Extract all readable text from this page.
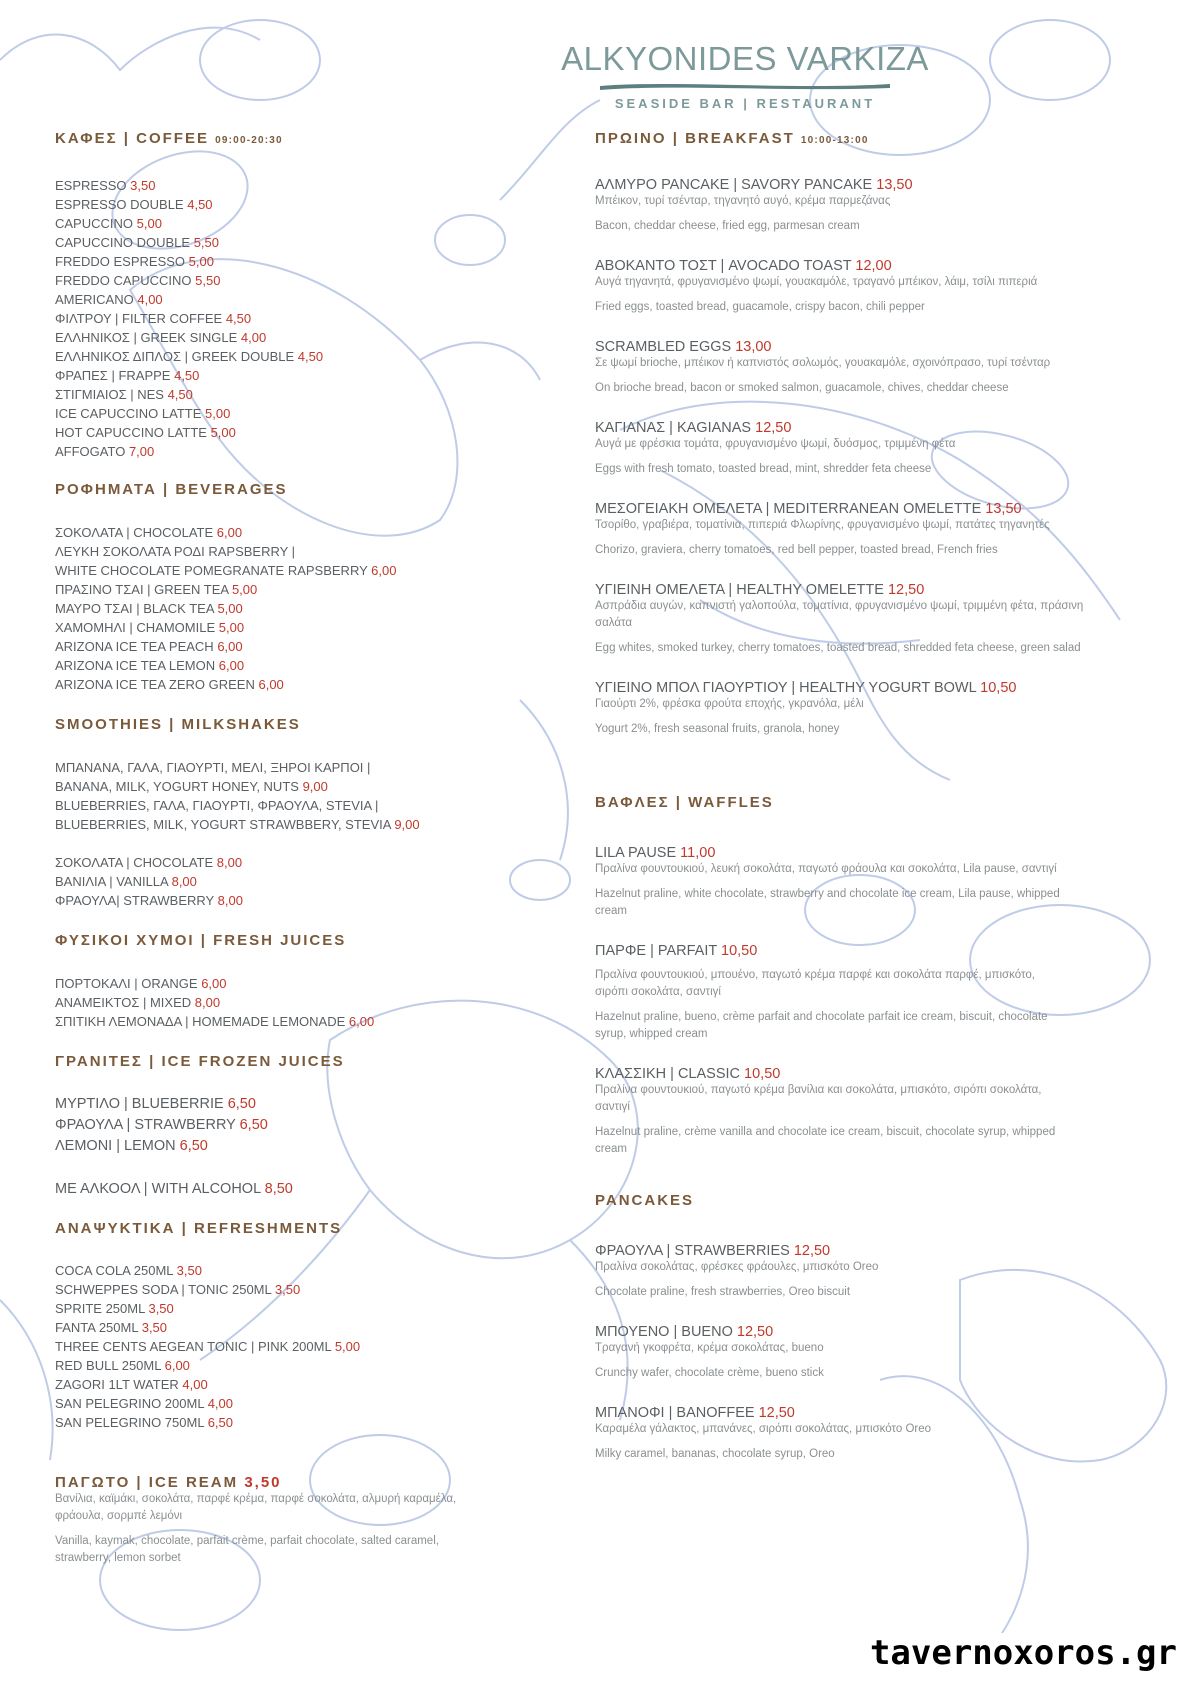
ALKYONIDES VARKIZA
SEASIDE BAR | RESTAURANT
ΚΑΦΕΣ | COFFEE 09:00-20:30
ESPRESSO 3,50
ESPRESSO DOUBLE 4,50
CAPUCCINO 5,00
CAPUCCINO DOUBLE 5,50
FREDDO ESPRESSO 5,00
FREDDO CAPUCCINO 5,50
AMERICANO 4,00
ΦΙΛΤΡΟΥ | FILTER COFFEE 4,50
ΕΛΛΗΝΙΚΟΣ | GREEK SINGLE 4,00
ΕΛΛΗΝΙΚΟΣ ΔΙΠΛΟΣ | GREEK DOUBLE 4,50
ΦΡΑΠΕΣ | FRAPPE 4,50
ΣΤΙΓΜΙΑΙΟΣ | NES 4,50
ICE CAPUCCINO LATTE 5,00
HOT CAPUCCINO LATTE 5,00
AFFOGATO 7,00
ΡΟΦΗΜΑΤΑ | BEVERAGES
ΣΟΚΟΛΑΤΑ | CHOCOLATE 6,00
ΛΕΥΚΗ ΣΟΚΟΛΑΤΑ ΡΟΔΙ RAPSBERRY |
WHITE CHOCOLATE POMEGRANATE RAPSBERRY 6,00
ΠΡΑΣΙΝΟ ΤΣΑΙ | GREEN TEA 5,00
ΜΑΥΡΟ ΤΣΑΙ | BLACK TEA 5,00
ΧΑΜΟΜΗΛΙ | CHAMOMILE 5,00
ARIZONA ICE TEA PEACH 6,00
ARIZONA ICE TEA LEMON 6,00
ARIZONA ICE TEA ZERO GREEN 6,00
SMOOTHIES | MILKSHAKES
ΜΠΑΝΑΝΑ, ΓΑΛΑ, ΓΙΑΟΥΡΤΙ, ΜΕΛΙ, ΞΗΡΟΙ ΚΑΡΠΟΙ |
BANANA, MILK, YOGURT HONEY, NUTS 9,00
BLUEBERRIES, ΓΑΛΑ, ΓΙΑΟΥΡΤΙ, ΦΡΑΟΥΛΑ, STEVIA |
BLUEBERRIES, MILK, YOGURT STRAWBBERY, STEVIA 9,00
ΣΟΚΟΛΑΤΑ | CHOCOLATE 8,00
ΒΑΝΙΛΙΑ | VANILLA 8,00
ΦΡΑΟΥΛΑ| STRAWBERRY 8,00
ΦΥΣΙΚΟΙ ΧΥΜΟΙ | FRESH JUICES
ΠΟΡΤΟΚΑΛΙ | ORANGE 6,00
ΑΝΑΜΕΙΚΤΟΣ | MIXED 8,00
ΣΠΙΤΙΚΗ ΛΕΜΟΝΑΔΑ | HOMEMADE LEMONADE 6,00
ΓΡΑΝΙΤΕΣ | ICE FROZEN JUICES
ΜΥΡΤΙΛΟ | BLUEBERRIE 6,50
ΦΡΑΟΥΛΑ | STRAWBERRY 6,50
ΛΕΜΟΝΙ | LEMON 6,50
ΜΕ ΑΛΚΟΟΛ | WITH ALCOHOL 8,50
ΑΝΑΨΥΚΤΙΚΑ | REFRESHMENTS
COCA COLA 250ML 3,50
SCHWEPPES SODA | TONIC 250ML 3,50
SPRITE 250ML 3,50
FANTA 250ML 3,50
THREE CENTS AEGEAN TONIC | PINK 200ML 5,00
RED BULL 250ML 6,00
ZAGORI 1LT WATER 4,00
SAN PELEGRINO 200ML 4,00
SAN PELEGRINO 750ML 6,50
ΠΑΓΩΤΟ | ICE REAM 3,50
Βανίλια, καϊμάκι, σοκολάτα, παρφέ κρέμα, παρφέ σοκολάτα, αλμυρή καραμέλα, φράουλα, σορμπέ λεμόνι
Vanilla, kaymak, chocolate, parfait crème, parfait chocolate, salted caramel, strawberry, lemon sorbet
ΠΡΩΙΝΟ | BREAKFAST 10:00-13:00
ΑΛΜΥΡΟ PANCAKE | SAVORY PANCAKE 13,50
Μπέικον, τυρί τσένταρ, τηγανητό αυγό, κρέμα παρμεζάνας
Bacon, cheddar cheese, fried egg, parmesan cream
ΑΒΟΚΑΝΤΟ ΤΟΣΤ | AVOCADO TOAST 12,00
Αυγά τηγανητά, φρυγανισμένο ψωμί, γουακαμόλε, τραγανό μπέικον, λάιμ, τσίλι πιπεριά
Fried eggs, toasted bread, guacamole, crispy bacon, chili pepper
SCRAMBLED EGGS 13,00
Σε ψωμί brioche, μπέικον ή καπνιστός σολωμός, γουακαμόλε, σχοινόπρασο, τυρί τσένταρ
On brioche bread, bacon or smoked salmon, guacamole, chives, cheddar cheese
ΚΑΓΙΑΝΑΣ | KAGIANAS 12,50
Αυγά με φρέσκια τομάτα, φρυγανισμένο ψωμί, δυόσμος, τριμμένη φέτα
Eggs with fresh tomato, toasted bread, mint, shredder feta cheese
ΜΕΣΟΓΕΙΑΚΗ ΟΜΕΛΕΤΑ | MEDITERRANEAN OMELETTE 13,50
Τσορίθο, γραβιέρα, τοματίνια, πιπεριά Φλωρίνης, φρυγανισμένο ψωμί, πατάτες τηγανητές
Chorizo, graviera, cherry tomatoes, red bell pepper, toasted bread, French fries
ΥΓΙΕΙΝΗ ΟΜΕΛΕΤΑ | HEALTHY OMELETTE 12,50
Ασπράδια αυγών, καπνιστή γαλοπούλα, τοματίνια, φρυγανισμένο ψωμί, τριμμένη φέτα, πράσινη σαλάτα
Egg whites, smoked turkey, cherry tomatoes, toasted bread, shredded feta cheese, green salad
ΥΓΙΕΙΝΟ ΜΠΟΛ ΓΙΑΟΥΡΤΙΟΥ | HEALTHY YOGURT BOWL 10,50
Γιαούρτι 2%, φρέσκα φρούτα εποχής, γκρανόλα, μέλι
Yogurt 2%, fresh seasonal fruits, granola, honey
ΒΑΦΛΕΣ | WAFFLES
LILA PAUSE 11,00
Πραλίνα φουντουκιού, λευκή σοκολάτα, παγωτό φράουλα και σοκολάτα, Lila pause, σαντιγί
Hazelnut praline, white chocolate, strawberry and chocolate ice cream, Lila pause, whipped cream
ΠΑΡΦΕ | PARFAIT 10,50
Πραλίνα φουντουκιού, μπουένο, παγωτό κρέμα παρφέ και σοκολάτα παρφέ, μπισκότο, σιρόπι σοκολάτα, σαντιγί
Hazelnut praline, bueno, crème parfait and chocolate parfait ice cream, biscuit, chocolate syrup, whipped cream
ΚΛΑΣΣΙΚΗ | CLASSIC 10,50
Πραλίνα φουντουκιού, παγωτό κρέμα βανίλια και σοκολάτα, μπισκότο, σιρόπι σοκολάτα, σαντιγί
Hazelnut praline, crème vanilla and chocolate ice cream, biscuit, chocolate syrup, whipped cream
PANCAKES
ΦΡΑΟΥΛΑ | STRAWBERRIES 12,50
Πραλίνα σοκολάτας, φρέσκες φράουλες, μπισκότο Oreo
Chocolate praline, fresh strawberries, Oreo biscuit
ΜΠΟΥΕΝΟ | BUENO 12,50
Τραγανή γκοφρέτα, κρέμα σοκολάτας, bueno
Crunchy wafer, chocolate crème, bueno stick
ΜΠΑΝΟΦΙ | BANOFFEE 12,50
Καραμέλα γάλακτος, μπανάνες, σιρόπι σοκολάτας, μπισκότο Oreo
Milky caramel, bananas, chocolate syrup, Oreo
tavernoxoros.gr
